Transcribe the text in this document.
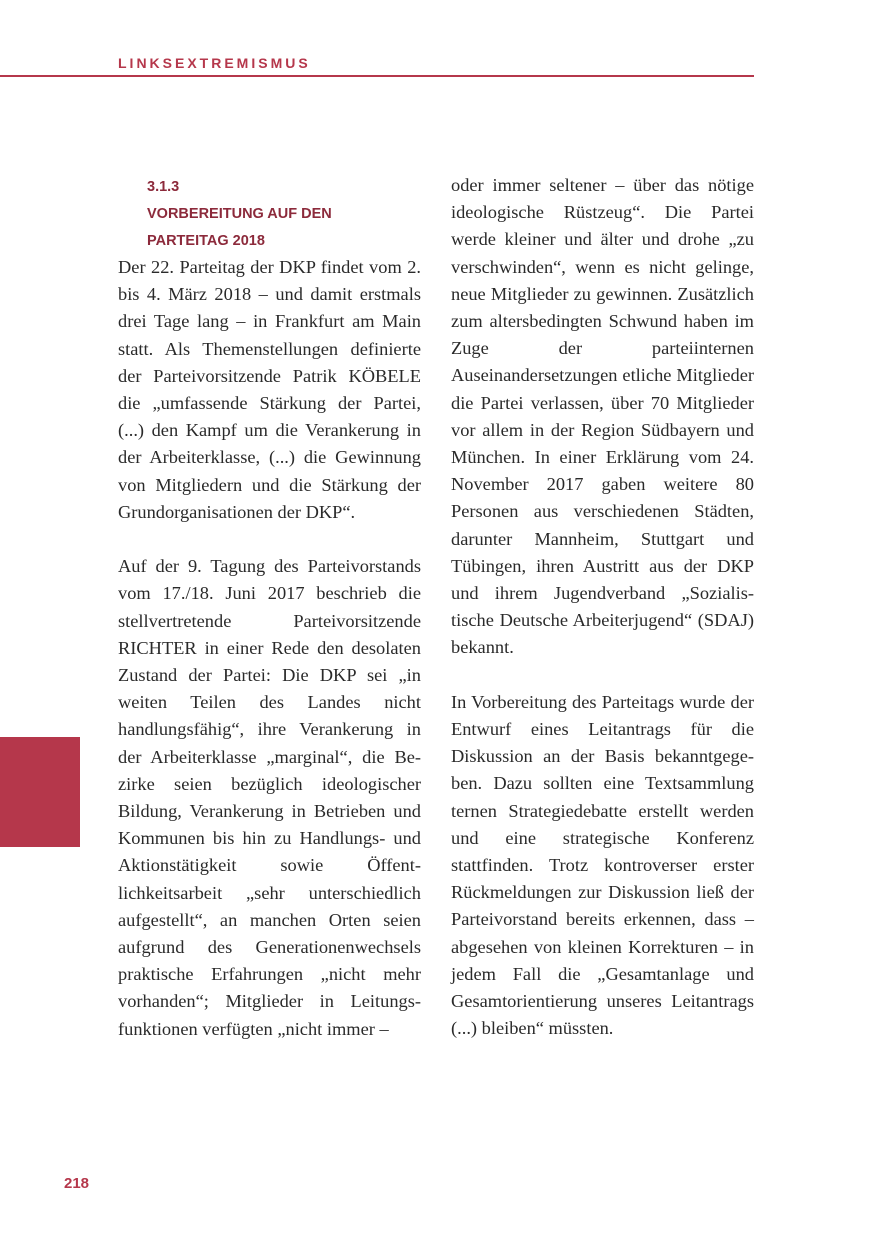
LINKSEXTREMISMUS
3.1.3
VORBEREITUNG AUF DEN
PARTEITAG 2018

Der 22. Parteitag der DKP findet vom 2. bis 4. März 2018 – und damit erstmals drei Tage lang – in Frankfurt am Main statt. Als Themenstellungen definierte der Parteivorsitzende Patrik KÖBELE die „umfassende Stärkung der Partei, (...) den Kampf um die Verankerung in der Arbeiterklasse, (...) die Gewinnung von Mitgliedern und die Stärkung der Grundorganisationen der DKP“.

Auf der 9. Tagung des Parteivorstands vom 17./18. Juni 2017 beschrieb die stellvertretende Parteivorsitzende RICHTER in einer Rede den desolaten Zustand der Partei: Die DKP sei „in weiten Teilen des Landes nicht handlungsfähig“, ihre Verankerung in der Arbeiterklasse „marginal“, die Bezirke seien bezüglich ideologischer Bildung, Verankerung in Betrieben und Kommunen bis hin zu Handlungs- und Aktionstätigkeit sowie Öffentlichkeitsarbeit „sehr unterschiedlich aufgestellt“, an manchen Orten seien aufgrund des Generationenwechsels praktische Erfahrungen „nicht mehr vorhanden“; Mitglieder in Leitungsfunktionen verfügten „nicht immer –

oder immer seltener – über das nötige ideologische Rüstzeug“. Die Partei werde kleiner und älter und drohe „zu verschwinden“, wenn es nicht gelinge, neue Mitglieder zu gewinnen. Zusätzlich zum altersbedingten Schwund haben im Zuge der parteiinternen Auseinandersetzungen etliche Mitglieder die Partei verlassen, über 70 Mitglieder vor allem in der Region Südbayern und München. In einer Erklärung vom 24. November 2017 gaben weitere 80 Personen aus verschiedenen Städten, darunter Mannheim, Stuttgart und Tübingen, ihren Austritt aus der DKP und ihrem Jugendverband „Sozialistische Deutsche Arbeiterjugend“ (SDAJ) bekannt.

In Vorbereitung des Parteitags wurde der Entwurf eines Leitantrags für die Diskussion an der Basis bekanntgegeben. Dazu sollten eine Textsammlung ternen Strategiedebatte erstellt werden und eine strategische Konferenz stattfinden. Trotz kontroverser erster Rückmeldungen zur Diskussion ließ der Parteivorstand bereits erkennen, dass – abgesehen von kleinen Korrekturen – in jedem Fall die „Gesamtanlage und Gesamtorientierung unseres Leitantrags (...) bleiben“ müssten.

218
